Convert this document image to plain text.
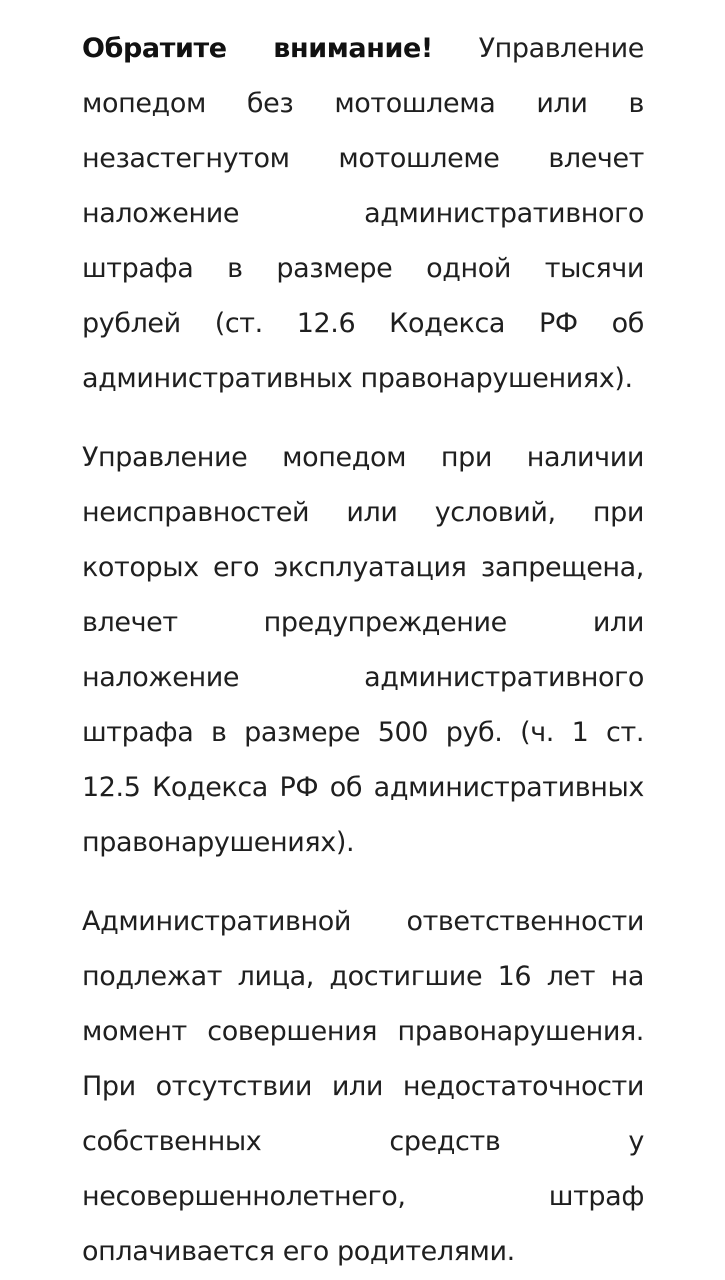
Обратите внимание! Управление мопедом без мотошлема или в незастегнутом мотошлеме влечет наложение административного штрафа в размере одной тысячи рублей (ст. 12.6 Кодекса РФ об административных правонарушениях).

Управление мопедом при наличии неисправностей или условий, при которых его эксплуатация запрещена, влечет предупреждение или наложение административного штрафа в размере 500 руб. (ч. 1 ст. 12.5 Кодекса РФ об административных правонарушениях).

Административной ответственности подлежат лица, достигшие 16 лет на момент совершения правонарушения. При отсутствии или недостаточности собственных средств у несовершеннолетнего, штраф оплачивается его родителями.
